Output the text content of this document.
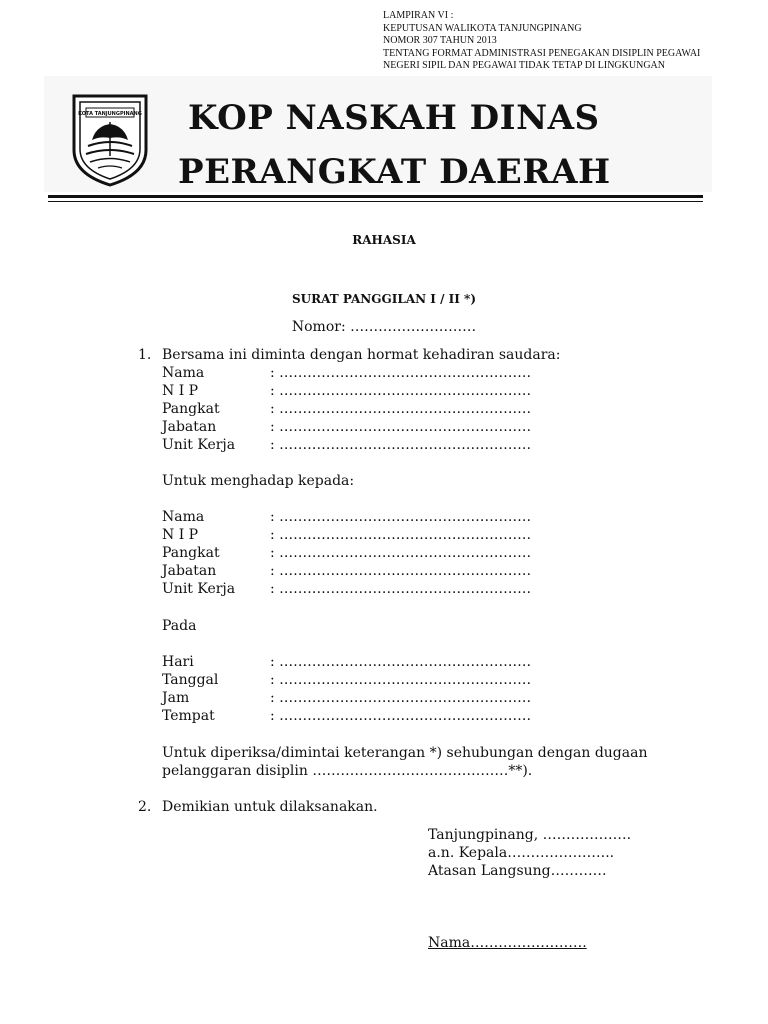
LAMPIRAN VI :
KEPUTUSAN WALIKOTA TANJUNGPINANG
NOMOR 307 TAHUN 2013
TENTANG FORMAT ADMINISTRASI PENEGAKAN DISIPLIN PEGAWAI
NEGERI SIPIL DAN PEGAWAI TIDAK TETAP DI LINGKUNGAN
KOTA TANJUNGPINANG KOP NASKAH DINAS
PERANGKAT DAERAH
RAHASIA
SURAT PANGGILAN I / II *)
Nomor: ………………………
1. Bersama ini diminta dengan hormat kehadiran saudara:
Nama	: ………………………………………………
N I P	: ………………………………………………
Pangkat	: ………………………………………………
Jabatan	: ………………………………………………
Unit Kerja : ………………………………………………
Untuk menghadap kepada:
Nama	: ………………………………………………
N I P	: ………………………………………………
Pangkat	: ………………………………………………
Jabatan	: ………………………………………………
Unit Kerja : ………………………………………………
Pada
Hari	: ………………………………………………
Tanggal	: ………………………………………………
Jam	: ………………………………………………
Tempat	: ………………………………………………
Untuk diperiksa/dimintai keterangan *) sehubungan dengan dugaan
pelanggaran disiplin ……………………………………**).
2. Demikian untuk dilaksanakan.
Tanjungpinang, ……………….
a.n. Kepala…………………..
Atasan Langsung…………
Nama…………………….
